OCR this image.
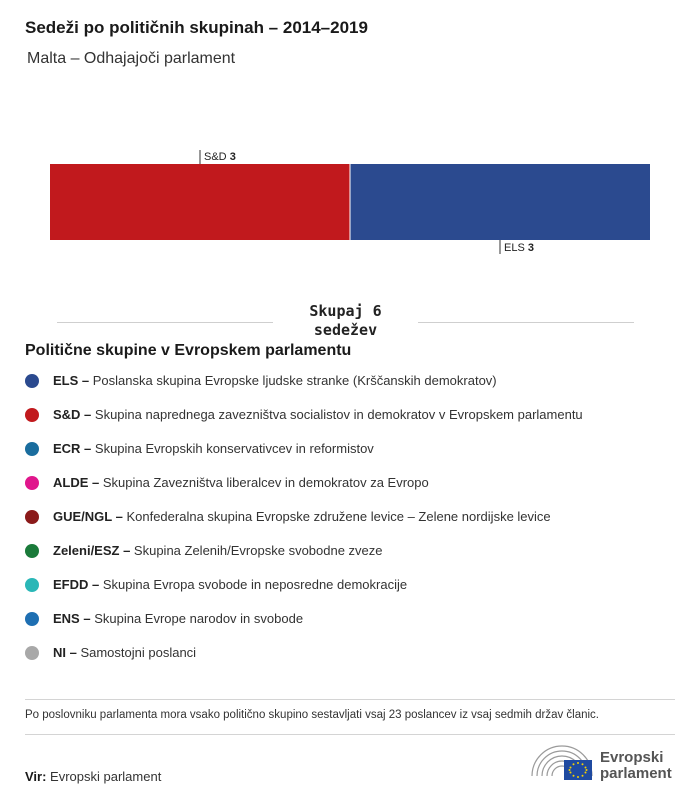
Sedeži po političnih skupinah – 2014–2019
Malta – Odhajajoči parlament
S&D 3
ELS 3
Skupaj 6
sedežev
Politične skupine v Evropskem parlamentu
ELS – Poslanska skupina Evropske ljudske stranke (Krščanskih demokratov)
S&D – Skupina naprednega zavezništva socialistov in demokratov v Evropskem parlamentu
ECR – Skupina Evropskih konservativcev in reformistov
ALDE – Skupina Zavezništva liberalcev in demokratov za Evropo
GUE/NGL – Konfederalna skupina Evropske združene levice – Zelene nordijske levice
Zeleni/ESZ – Skupina Zelenih/Evropske svobodne zveze
EFDD – Skupina Evropa svobode in neposredne demokracije
ENS – Skupina Evrope narodov in svobode
NI – Samostojni poslanci
Po poslovniku parlamenta mora vsako politično skupino sestavljati vsaj 23 poslancev iz vsaj sedmih držav članic.
Vir: Evropski parlament
Evropski
parlament
